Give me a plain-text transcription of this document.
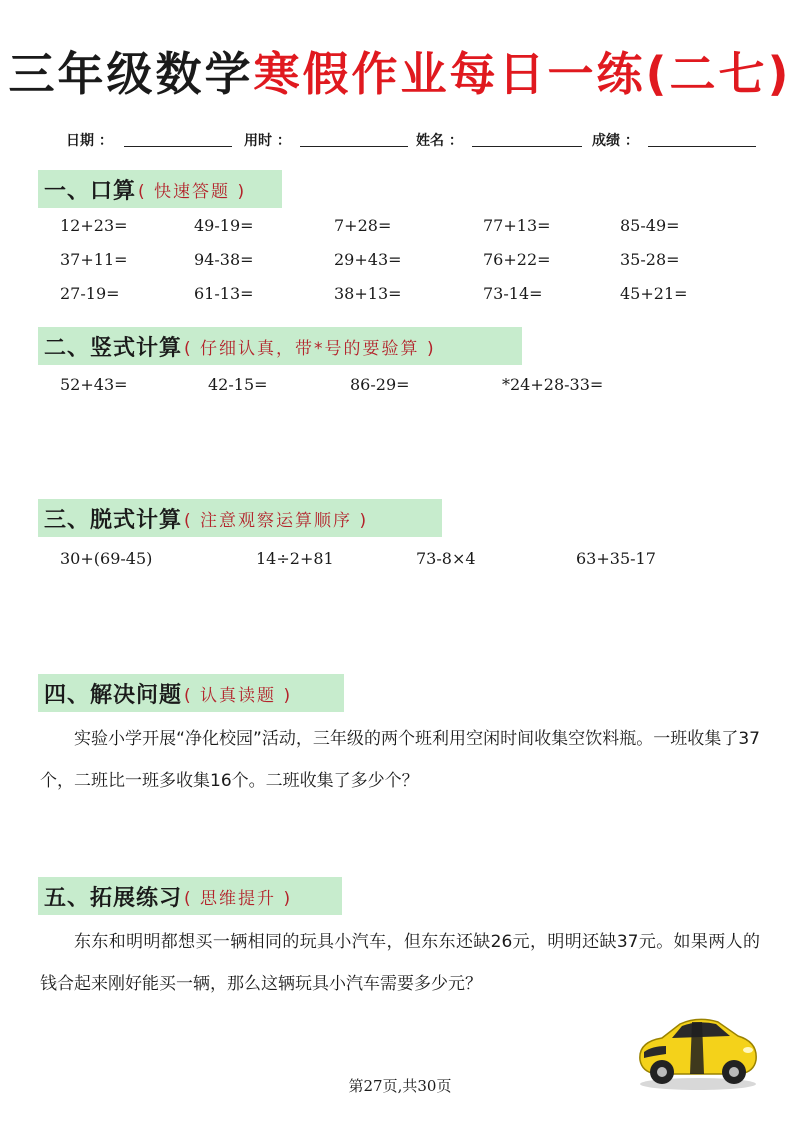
三年级数学寒假作业每日一练(二七)
日期 ：	用时 ：	姓名 ：	成绩 ：
一、口算 ( 快速答题 )
12+23=	49-19=	7+28=	77+13=	85-49=
37+11=	94-38=	29+43=	76+22=	35-28=
27-19=	61-13=	38+13=	73-14=	45+21=
二、竖式计算 ( 仔细认真，带*号的要验算 )
52+43=	42-15=	86-29=	*24+28-33=
三、脱式计算 ( 注意观察运算顺序 )
30+(69-45)	14÷2+81	73-8×4	63+35-17
四、解决问题 ( 认真读题 )
实验小学开展“净化校园”活动，三年级的两个班利用空闲时间收集空饮料瓶。一班收集了37个，二班比一班多收集16个。二班收集了多少个？
五、拓展练习 ( 思维提升 )
东东和明明都想买一辆相同的玩具小汽车，但东东还缺26元，明明还缺37元。如果两人的钱合起来刚好能买一辆，那么这辆玩具小汽车需要多少元？
第27页,共30页
